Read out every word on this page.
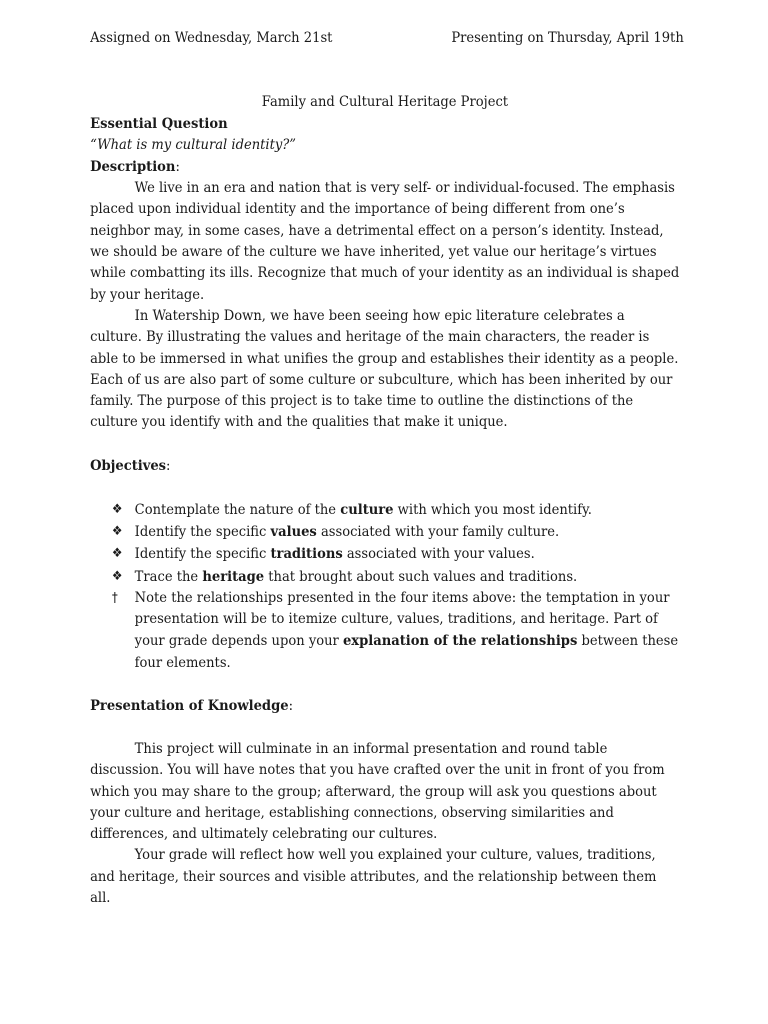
Assigned on Wednesday, March 21st	Presenting on Thursday, April 19th

Family and Cultural Heritage Project

Essential Question

“What is my cultural identity?”

Description:

We live in an era and nation that is very self- or individual-focused. The emphasis placed upon individual identity and the importance of being different from one’s neighbor may, in some cases, have a detrimental effect on a person’s identity. Instead, we should be aware of the culture we have inherited, yet value our heritage’s virtues while combatting its ills. Recognize that much of your identity as an individual is shaped by your heritage.

In Watership Down, we have been seeing how epic literature celebrates a culture. By illustrating the values and heritage of the main characters, the reader is able to be immersed in what unifies the group and establishes their identity as a people. Each of us are also part of some culture or subculture, which has been inherited by our family. The purpose of this project is to take time to outline the distinctions of the culture you identify with and the qualities that make it unique.

Objectives:

❖ Contemplate the nature of the culture with which you most identify.
❖ Identify the specific values associated with your family culture.
❖ Identify the specific traditions associated with your values.
❖ Trace the heritage that brought about such values and traditions.
† Note the relationships presented in the four items above: the temptation in your presentation will be to itemize culture, values, traditions, and heritage. Part of your grade depends upon your explanation of the relationships between these four elements.

Presentation of Knowledge:

This project will culminate in an informal presentation and round table discussion. You will have notes that you have crafted over the unit in front of you from which you may share to the group; afterward, the group will ask you questions about your culture and heritage, establishing connections, observing similarities and differences, and ultimately celebrating our cultures.

Your grade will reflect how well you explained your culture, values, traditions, and heritage, their sources and visible attributes, and the relationship between them all.
